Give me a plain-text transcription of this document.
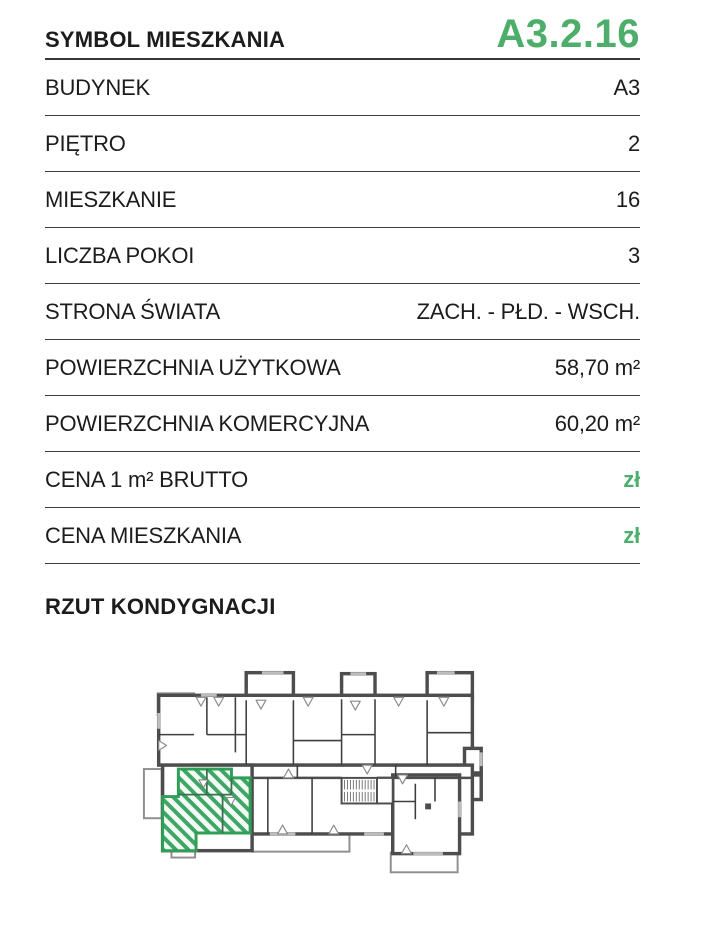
SYMBOL MIESZKANIA	A3.2.16
BUDYNEK	A3
PIĘTRO	2
MIESZKANIE	16
LICZBA POKOI	3
STRONA ŚWIATA	ZACH. - PŁD. - WSCH.
POWIERZCHNIA UŻYTKOWA	58,70 m²
POWIERZCHNIA KOMERCYJNA	60,20 m²
CENA 1 m² BRUTTO	zł
CENA MIESZKANIA	zł
RZUT KONDYGNACJI
